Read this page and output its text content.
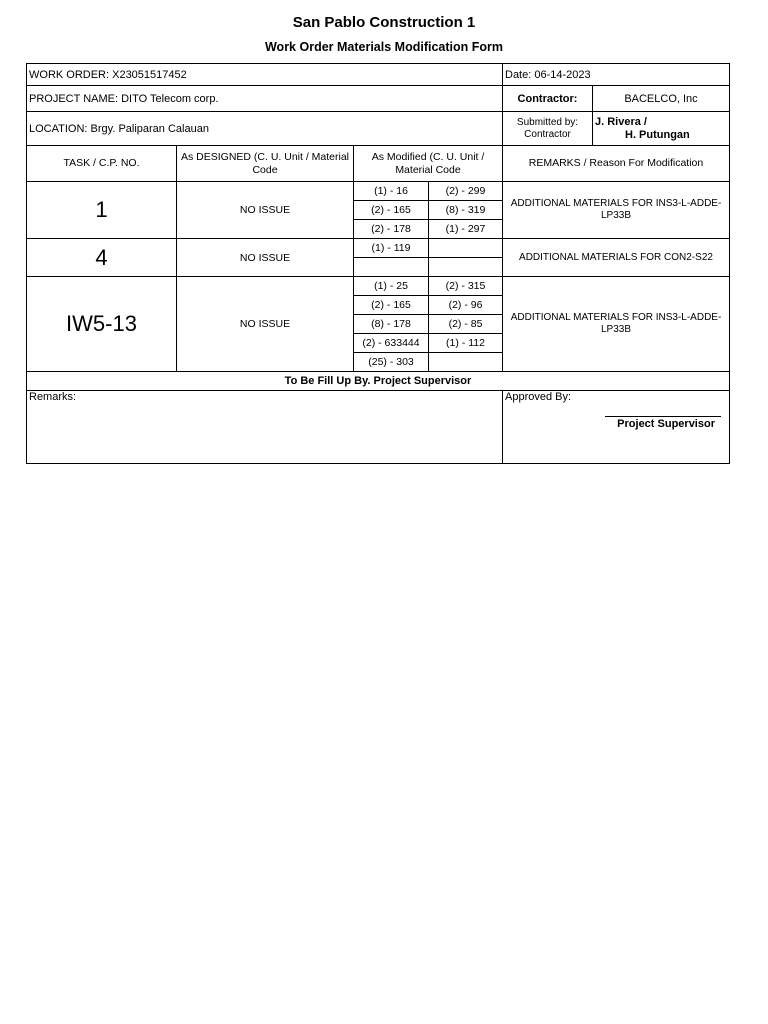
San Pablo Construction 1
Work Order Materials Modification Form
WORK ORDER: X23051517452				Date: 06-14-2023	
PROJECT NAME: DITO Telecom corp.				Contractor:	BACELCO, Inc
LOCATION: Brgy. Paliparan Calauan				Submitted by: Contractor	J. Rivera /
H. Putungan

TASK / C.P. NO.	As DESIGNED (C. U. Unit / Material Code	As Modified (C. U. Unit / Material Code		REMARKS / Reason For Modification	
1	NO ISSUE	(1) - 16	(2) - 299	ADDITIONAL MATERIALS FOR INS3-L-ADDE-LP33B	
		(2) - 165	(8) - 319		
		(2) - 178	(1) - 297		
4	NO ISSUE	(1) - 119		ADDITIONAL MATERIALS FOR CON2-S22	

IW5-13	NO ISSUE	(1) - 25	(2) - 315	ADDITIONAL MATERIALS FOR INS3-L-ADDE-LP33B	
		(2) - 165	(2) - 96		
		(8) - 178	(2) - 85		
		(2) - 633444	(1) - 112		
		(25) - 303			
To Be Fill Up By. Project Supervisor					
Remarks:				Approved By:
Project Supervisor	
